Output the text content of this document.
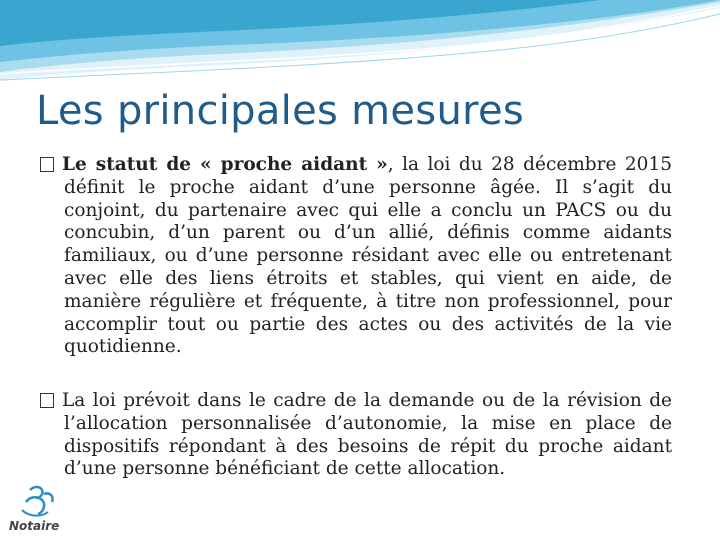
Les principales mesures
Le statut de « proche aidant », la loi du 28 décembre 2015 définit le proche aidant d’une personne âgée. Il s’agit du conjoint, du partenaire avec qui elle a conclu un PACS ou du concubin, d’un parent ou d’un allié, définis comme aidants familiaux, ou d’une personne résidant avec elle ou entretenant avec elle des liens étroits et stables, qui vient en aide, de manière régulière et fréquente, à titre non professionnel, pour accomplir tout ou partie des actes ou des activités de la vie quotidienne.
La loi prévoit dans le cadre de la demande ou de la révision de l’allocation personnalisée d’autonomie, la mise en place de dispositifs répondant à des besoins de répit du proche aidant d’une personne bénéficiant de cette allocation.
Notaire
